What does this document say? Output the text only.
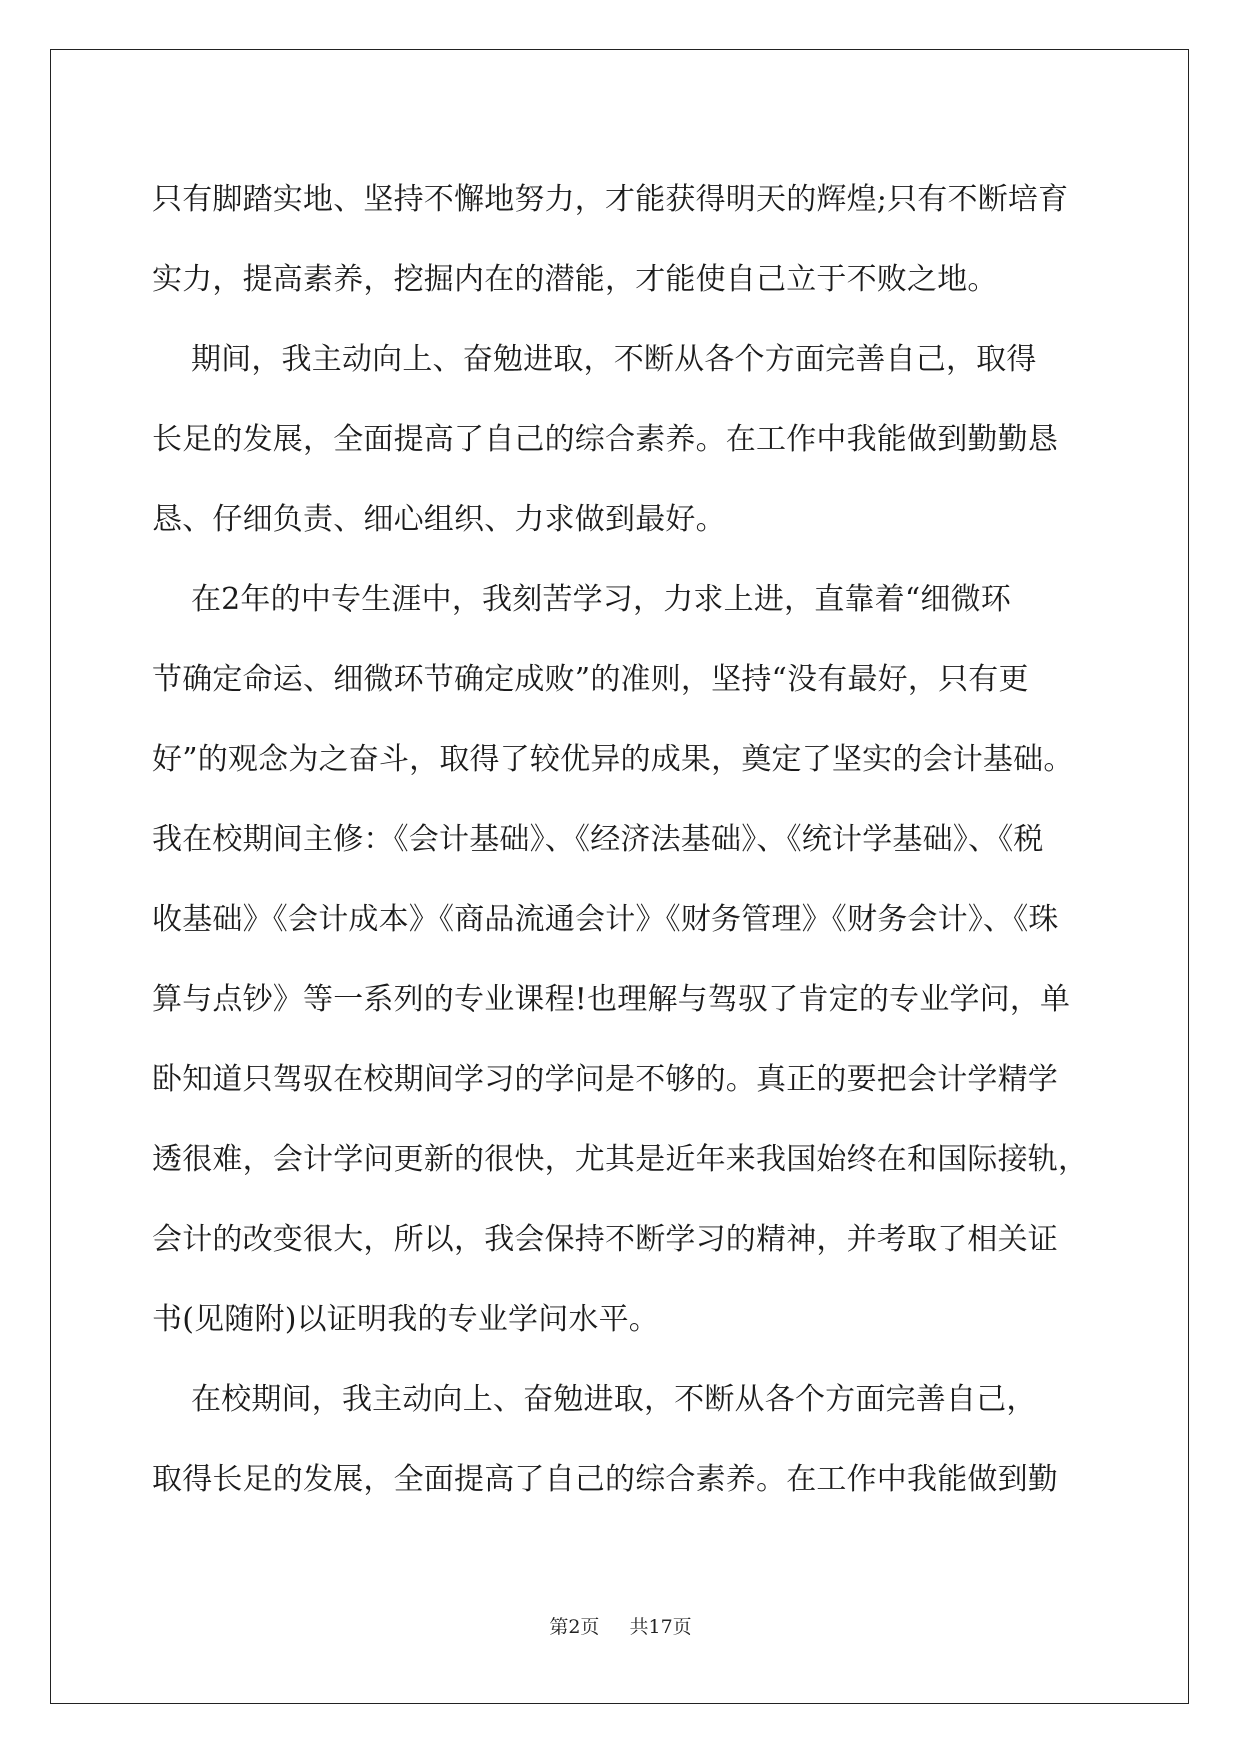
只有脚踏实地、坚持不懈地努力，才能获得明天的辉煌;只有不断培育
实力，提高素养，挖掘内在的潜能，才能使自己立于不败之地。
期间，我主动向上、奋勉进取，不断从各个方面完善自己，取得
长足的发展，全面提高了自己的综合素养。在工作中我能做到勤勤恳
恳、仔细负责、细心组织、力求做到最好。
在2年的中专生涯中，我刻苦学习，力求上进，直靠着“细微环
节确定命运、细微环节确定成败”的准则，坚持“没有最好，只有更
好”的观念为之奋斗，取得了较优异的成果，奠定了坚实的会计基础。
我在校期间主修：《会计基础》、《经济法基础》、《统计学基础》、《税
收基础》《会计成本》《商品流通会计》《财务管理》《财务会计》、《珠
算与点钞》等一系列的专业课程!也理解与驾驭了肯定的专业学问，单
卧知道只驾驭在校期间学习的学问是不够的。真正的要把会计学精学
透很难，会计学问更新的很快，尤其是近年来我国始终在和国际接轨，
会计的改变很大，所以，我会保持不断学习的精神，并考取了相关证
书(见随附)以证明我的专业学问水平。
在校期间，我主动向上、奋勉进取，不断从各个方面完善自己，
取得长足的发展，全面提高了自己的综合素养。在工作中我能做到勤
第2页 共17页
